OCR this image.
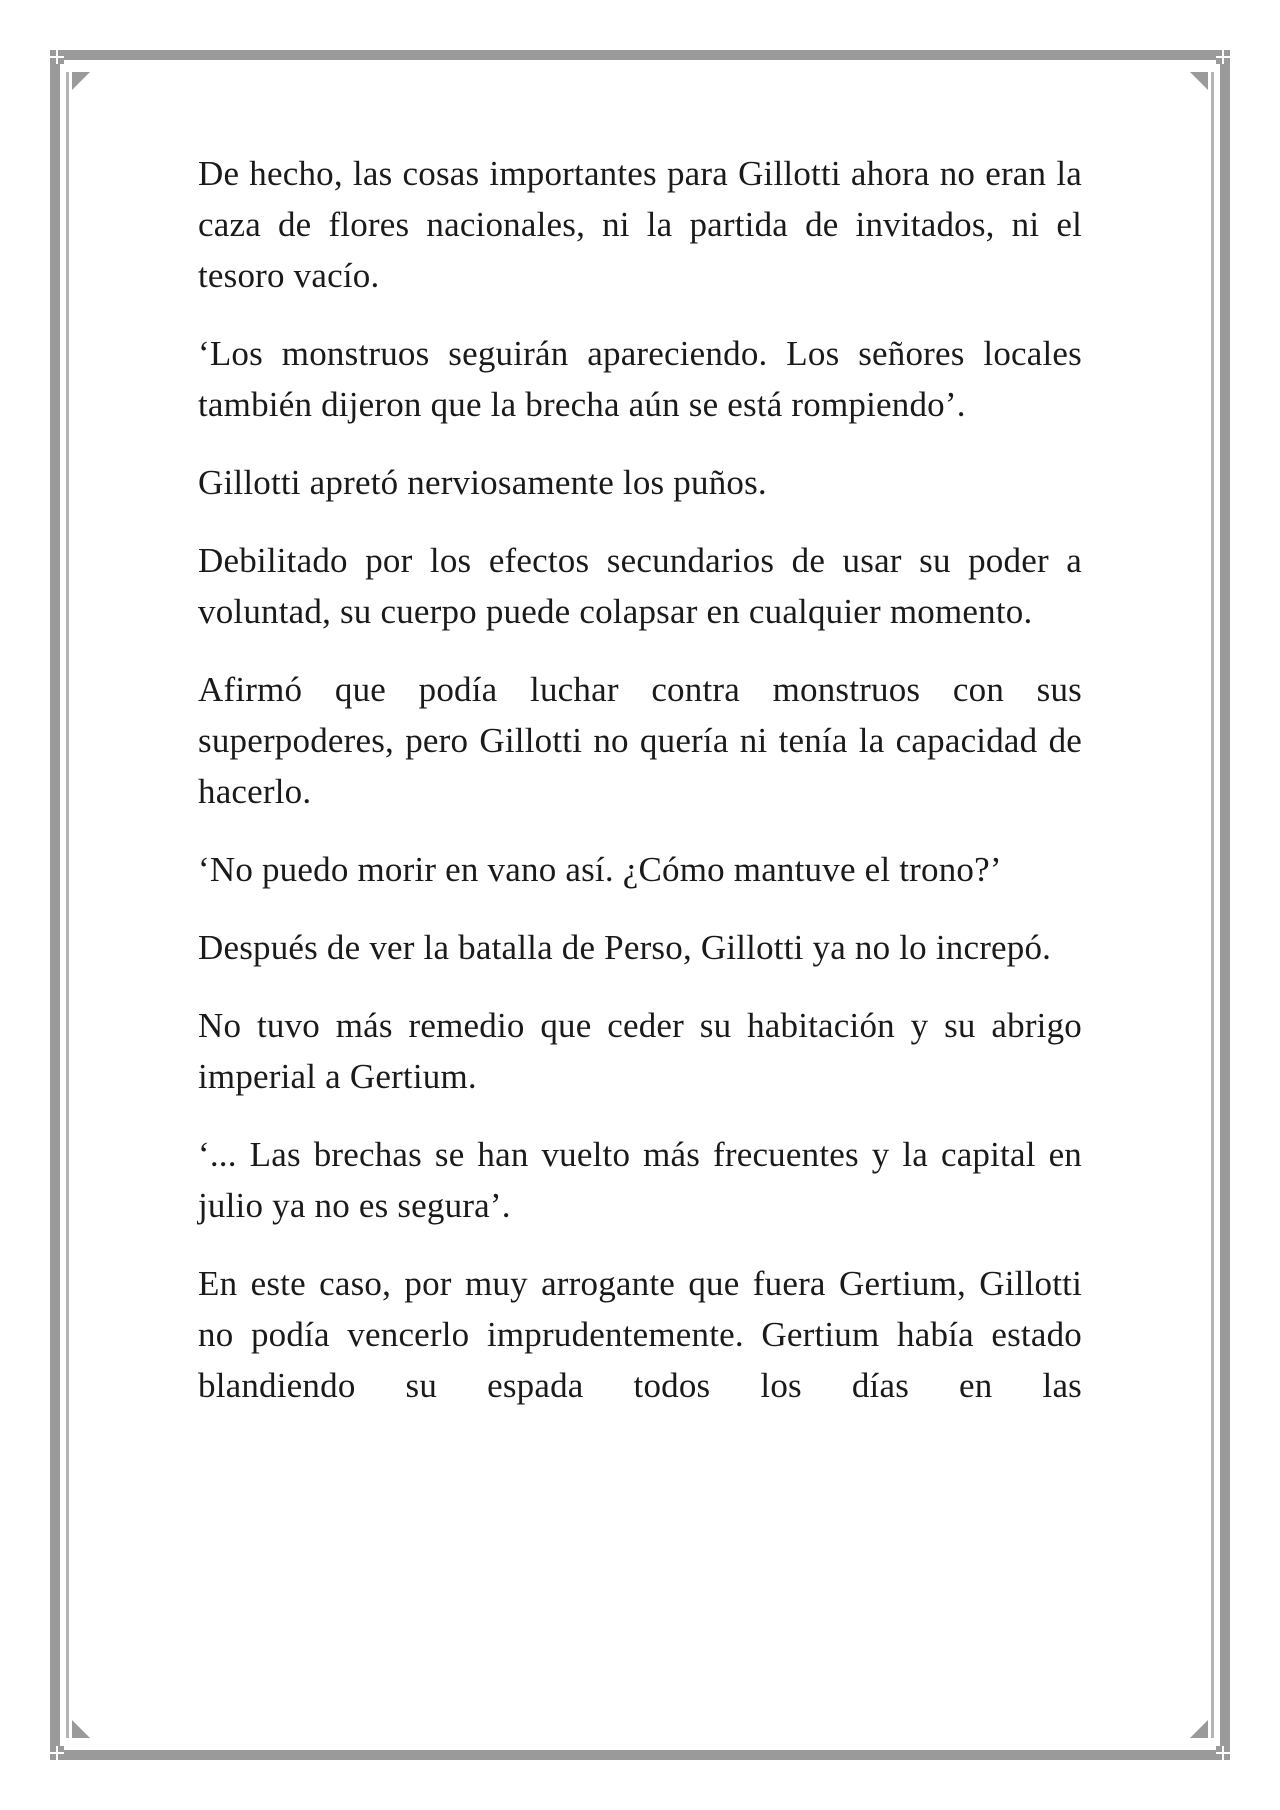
De hecho, las cosas importantes para Gillotti ahora no eran la caza de flores nacionales, ni la partida de invitados, ni el tesoro vacío.

‘Los monstruos seguirán apareciendo. Los señores locales también dijeron que la brecha aún se está rompiendo’.

Gillotti apretó nerviosamente los puños.

Debilitado por los efectos secundarios de usar su poder a voluntad, su cuerpo puede colapsar en cualquier momento.

Afirmó que podía luchar contra monstruos con sus superpoderes, pero Gillotti no quería ni tenía la capacidad de hacerlo.

‘No puedo morir en vano así. ¿Cómo mantuve el trono?’

Después de ver la batalla de Perso, Gillotti ya no lo increpó.

No tuvo más remedio que ceder su habitación y su abrigo imperial a Gertium.

‘... Las brechas se han vuelto más frecuentes y la capital en julio ya no es segura’.

En este caso, por muy arrogante que fuera Gertium, Gillotti no podía vencerlo imprudentemente. Gertium había estado blandiendo su espada todos los días en las
